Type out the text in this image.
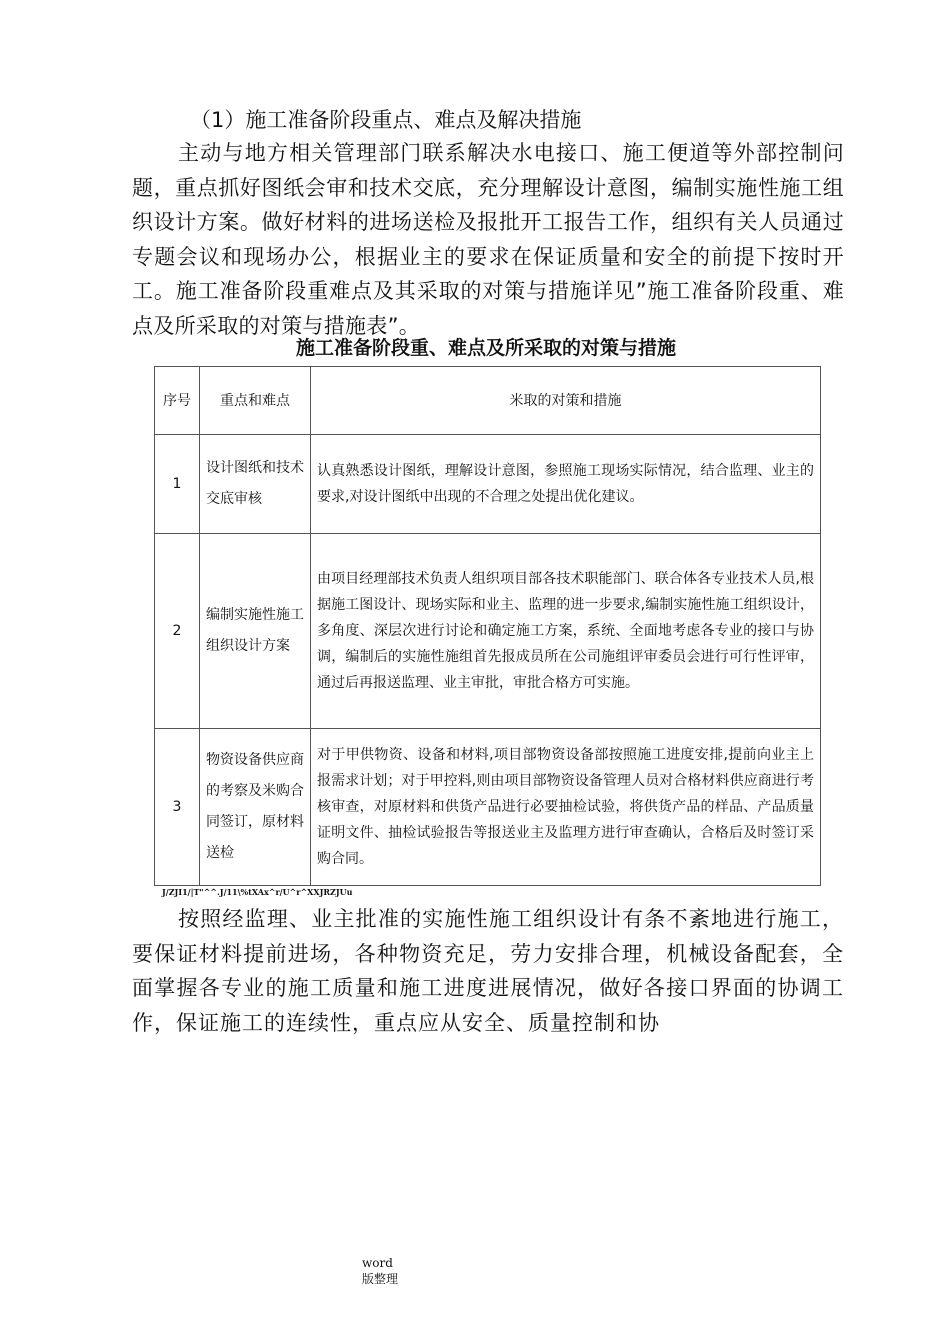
（1）施工准备阶段重点、难点及解决措施

主动与地方相关管理部门联系解决水电接口、施工便道等外部控制问题，重点抓好图纸会审和技术交底，充分理解设计意图，编制实施性施工组织设计方案。做好材料的进场送检及报批开工报告工作，组织有关人员通过专题会议和现场办公，根据业主的要求在保证质量和安全的前提下按时开工。施工准备阶段重难点及其采取的对策与措施详见”施工准备阶段重、难点及所采取的对策与措施表”。

施工准备阶段重、难点及所采取的对策与措施
序号	重点和难点	米取的对策和措施
1	设计图纸和技术交底审核	认真熟悉设计图纸，理解设计意图，参照施工现场实际情况，结合监理、业主的要求,对设计图纸中出现的不合理之处提出优化建议。
2	编制实施性施工组织设计方案	由项目经理部技术负责人组织项目部各技术职能部门、联合体各专业技术人员,根据施工图设计、现场实际和业主、监理的进一步要求,编制实施性施工组织设计，多角度、深层次进行讨论和确定施工方案，系统、全面地考虑各专业的接口与协调，编制后的实施性施组首先报成员所在公司施组评审委员会进行可行性评审，通过后再报送监理、业主审批，审批合格方可实施。
3	物资设备供应商的考察及米购合同签订，原材料送检	对于甲供物资、设备和材料,项目部物资设备部按照施工进度安排,提前向业主上报需求计划；对于甲控料,则由项目部物资设备管理人员对合格材料供应商进行考核审查，对原材料和供货产品进行必要抽检试验，将供货产品的样品、产品质量证明文件、抽检试验报告等报送业主及监理方进行审查确认，合格后及时签订采购合同。
J/ZJI1/|T"^^.J/11\%tXAx^r/U^r^XXJRZJUu

按照经监理、业主批准的实施性施工组织设计有条不紊地进行施工，要保证材料提前进场，各种物资充足，劳力安排合理，机械设备配套，全面掌握各专业的施工质量和施工进度进展情况，做好各接口界面的协调工作，保证施工的连续性，重点应从安全、质量控制和协

word
版整理
